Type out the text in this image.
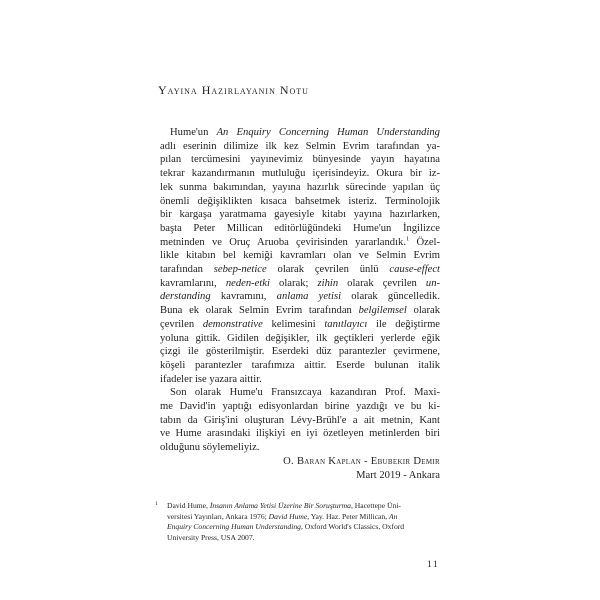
Yayına Hazırlayanın Notu
Hume'un An Enquiry Concerning Human Understanding
adlı eserinin dilimize ilk kez Selmin Evrim tarafından ya-
pılan tercümesini yayınevimiz bünyesinde yayın hayatına
tekrar kazandırmanın mutluluğu içerisindeyiz. Okura bir iz-
lek sunma bakımından, yayına hazırlık sürecinde yapılan üç
önemli değişiklikten kısaca bahsetmek isteriz. Terminolojik
bir kargaşa yaratmama gayesiyle kitabı yayına hazırlarken,
başta Peter Millican editörlüğündeki Hume'un İngilizce
metninden ve Oruç Aruoba çevirisinden yararlandık.$^1$ Özel-
likle kitabın bel kemiği kavramları olan ve Selmin Evrim
tarafından sebep-netice olarak çevrilen ünlü cause-effect
kavramlarını, neden-etki olarak; zihin olarak çevrilen un-
derstanding kavramını, anlama yetisi olarak güncelledik.
Buna ek olarak Selmin Evrim tarafından belgilemsel olarak
çevrilen demonstrative kelimesini tanıtlayıcı ile değiştirme
yoluna gittik. Gidilen değişikler, ilk geçtikleri yerlerde eğik
çizgi ile gösterilmiştir. Eserdeki düz parantezler çevirmene,
köşeli parantezler tarafımıza aittir. Eserde bulunan italik
ifadeler ise yazara aittir.
Son olarak Hume'u Fransızcaya kazandıran Prof. Maxi-
me David'in yaptığı edisyonlardan birine yazdığı ve bu ki-
tabın da Giriş'ini oluşturan Lévy-Brühl'e a ait metnin, Kant
ve Hume arasındaki ilişkiyi en iyi özetleyen metinlerden biri
olduğunu söylemeliyiz.
O. Baran Kaplan - Ebubekir Demir
Mart 2019 - Ankara
1 David Hume, İnsanın Anlama Yetisi Üzerine Bir Soruşturma, Hacettepe Üni-
versitesi Yayınları, Ankara 1976; David Hume, Yay. Haz. Peter Millican, An
Enquiry Concerning Human Understanding, Oxford World's Classics, Oxford
University Press, USA 2007.
11
